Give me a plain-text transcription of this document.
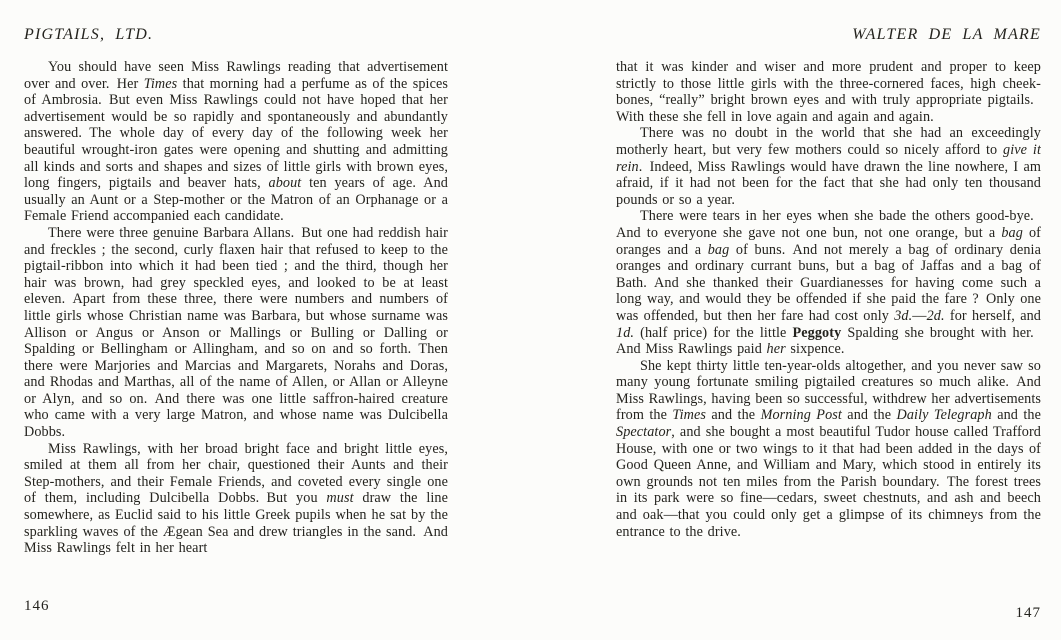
PIGTAILS, LTD.

You should have seen Miss Rawlings reading that advertisement over and over. Her Times that morning had a perfume as of the spices of Ambrosia. But even Miss Rawlings could not have hoped that her advertisement would be so rapidly and spontaneously and abundantly answered. The whole day of every day of the following week her beautiful wrought-iron gates were opening and shutting and admitting all kinds and sorts and shapes and sizes of little girls with brown eyes, long fingers, pigtails and beaver hats, about ten years of age. And usually an Aunt or a Step-mother or the Matron of an Orphanage or a Female Friend accompanied each candidate.

There were three genuine Barbara Allans. But one had reddish hair and freckles ; the second, curly flaxen hair that refused to keep to the pigtail-ribbon into which it had been tied ; and the third, though her hair was brown, had grey speckled eyes, and looked to be at least eleven. Apart from these three, there were numbers and numbers of little girls whose Christian name was Barbara, but whose surname was Allison or Angus or Anson or Mallings or Bulling or Dalling or Spalding or Bellingham or Allingham, and so on and so forth. Then there were Marjories and Marcias and Margarets, Norahs and Doras, and Rhodas and Marthas, all of the name of Allen, or Allan or Alleyne or Alyn, and so on. And there was one little saffron-haired creature who came with a very large Matron, and whose name was Dulcibella Dobbs.

Miss Rawlings, with her broad bright face and bright little eyes, smiled at them all from her chair, questioned their Aunts and their Step-mothers, and their Female Friends, and coveted every single one of them, including Dulcibella Dobbs. But you must draw the line somewhere, as Euclid said to his little Greek pupils when he sat by the sparkling waves of the Ægean Sea and drew triangles in the sand. And Miss Rawlings felt in her heart

146
WALTER DE LA MARE

that it was kinder and wiser and more prudent and proper to keep strictly to those little girls with the three-cornered faces, high cheek-bones, “really” bright brown eyes and with truly appropriate pigtails. With these she fell in love again and again and again.

There was no doubt in the world that she had an exceedingly motherly heart, but very few mothers could so nicely afford to give it rein. Indeed, Miss Rawlings would have drawn the line nowhere, I am afraid, if it had not been for the fact that she had only ten thousand pounds or so a year.

There were tears in her eyes when she bade the others good-bye. And to everyone she gave not one bun, not one orange, but a bag of oranges and a bag of buns. And not merely a bag of ordinary denia oranges and ordinary currant buns, but a bag of Jaffas and a bag of Bath. And she thanked their Guardianesses for having come such a long way, and would they be offended if she paid the fare ? Only one was offended, but then her fare had cost only 3d.—2d. for herself, and 1d. (half price) for the little Peggoty Spalding she brought with her. And Miss Rawlings paid her sixpence.

She kept thirty little ten-year-olds altogether, and you never saw so many young fortunate smiling pigtailed creatures so much alike. And Miss Rawlings, having been so successful, withdrew her advertisements from the Times and the Morning Post and the Daily Telegraph and the Spectator, and she bought a most beautiful Tudor house called Trafford House, with one or two wings to it that had been added in the days of Good Queen Anne, and William and Mary, which stood in entirely its own grounds not ten miles from the Parish boundary. The forest trees in its park were so fine—cedars, sweet chestnuts, and ash and beech and oak—that you could only get a glimpse of its chimneys from the entrance to the drive.

147
